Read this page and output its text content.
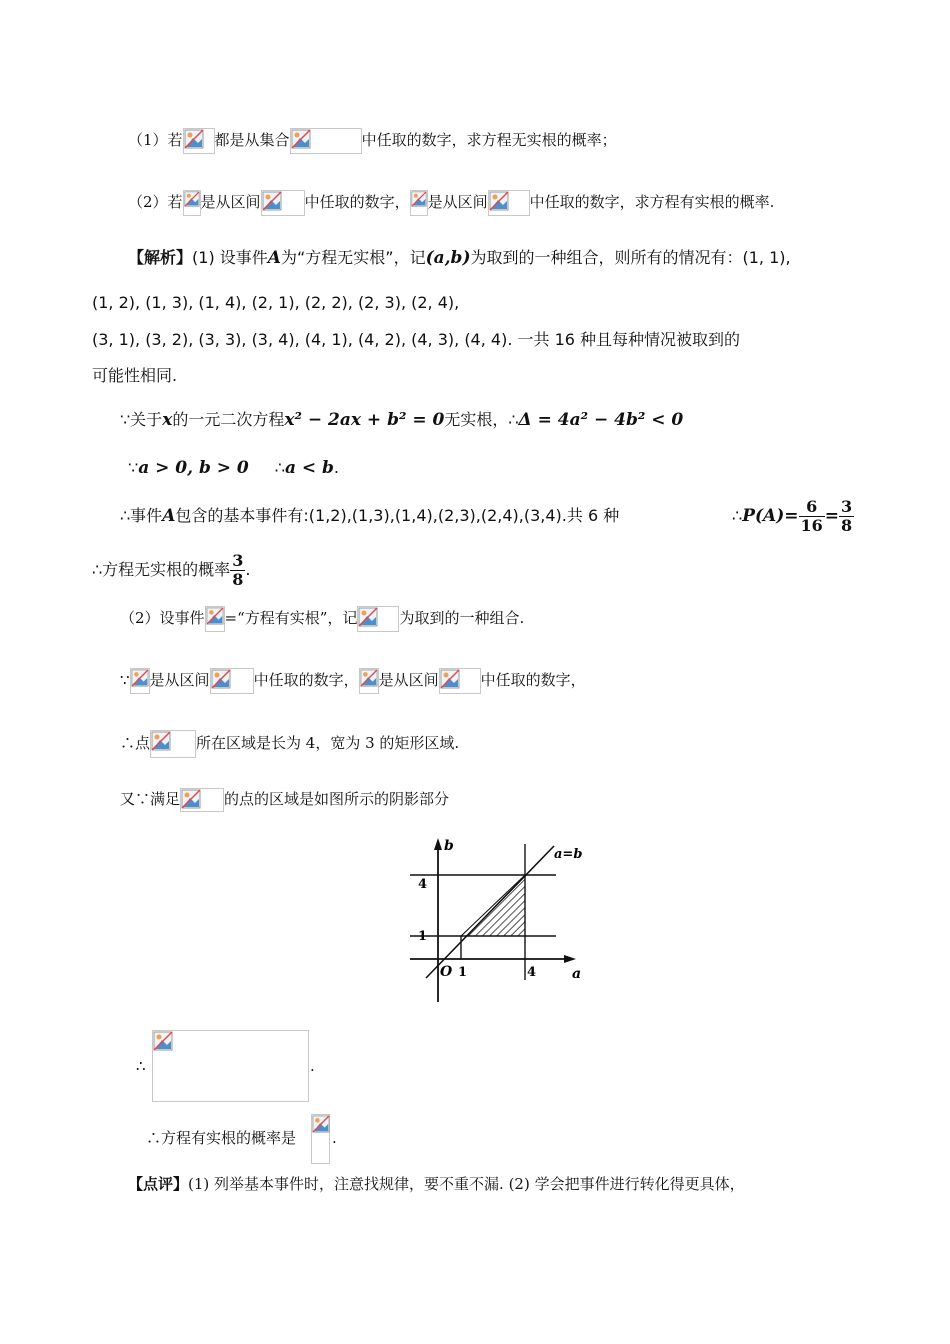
（1）若 都是从集合	中任取的数字，求方程无实根的概率；
（2）若 是从区间	中任取的数字， 是从区间	中任取的数字，求方程有实根的概率.
【解析】(1) 设事件A为“方程无实根”，记(a,b)为取到的一种组合，则所有的情况有：(1, 1),
(1, 2), (1, 3), (1, 4), (2, 1), (2, 2), (2, 3), (2, 4),
(3, 1), (3, 2), (3, 3), (3, 4), (4, 1), (4, 2), (4, 3), (4, 4). 一共 16 种且每种情况被取到的
可能性相同.
∵关于x的一元二次方程x² − 2ax + b² = 0无实根，∴Δ = 4a² − 4b² < 0
∵a > 0, b > 0 ∴a < b.
∴事件A包含的基本事件有:(1,2),(1,3),(1,4),(2,3),(2,4),(3,4).共 6 种	∴P(A)= $\frac{6}{16} = \frac{3}{8}$
∴方程无实根的概率 $\frac{3}{8}$ .
（2）设事件 =“方程有实根”，记	为取到的一种组合.
∵ 是从区间	中任取的数字， 是从区间	中任取的数字，
∴点	所在区域是长为 4，宽为 3 的矩形区域.
又∵满足	的点的区域是如图所示的阴影部分
b
a
a=b
O
4
1
1	4
∴	.
∴方程有实根的概率是 .
【点评】(1) 列举基本事件时，注意找规律，要不重不漏. (2) 学会把事件进行转化得更具体，
